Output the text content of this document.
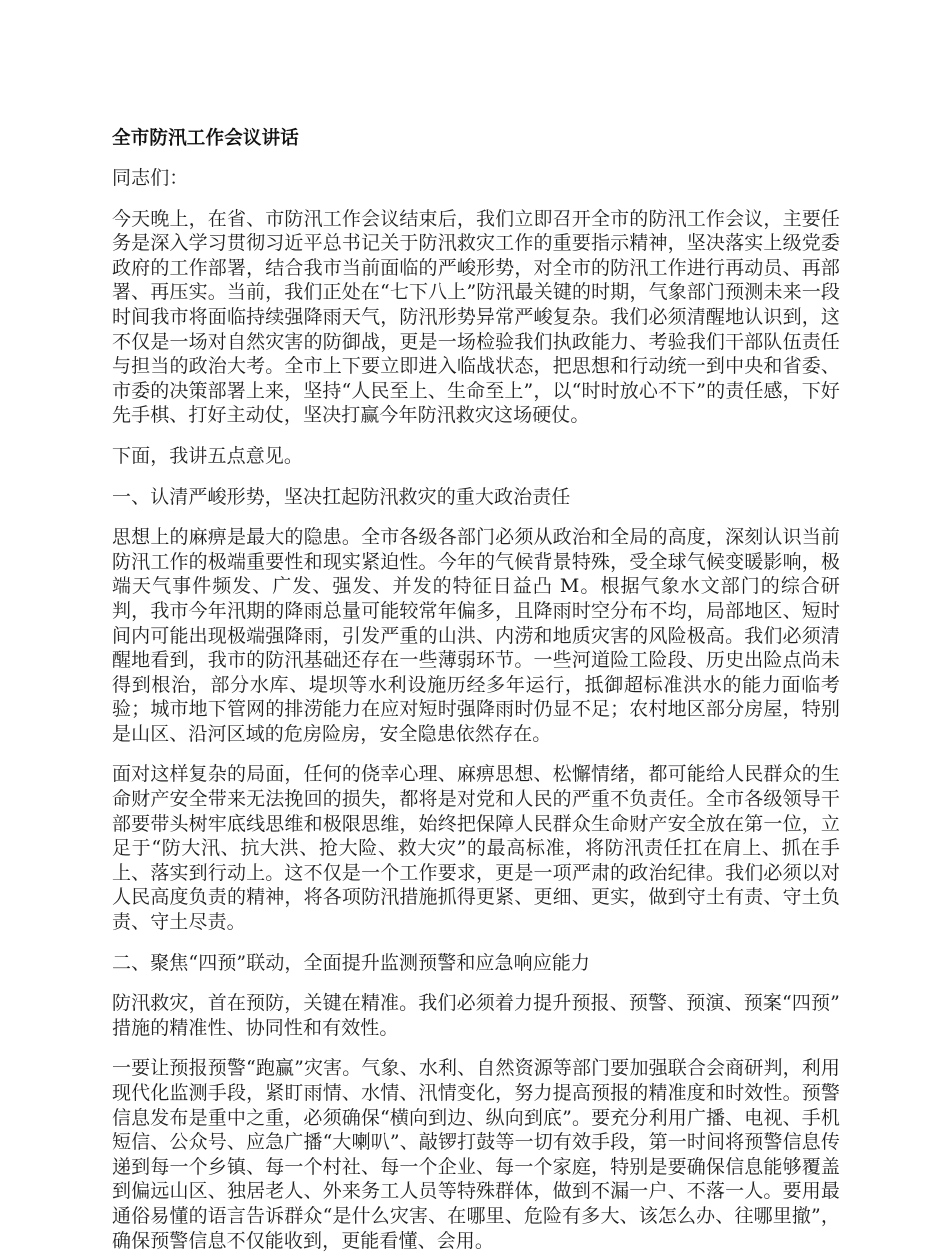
全市防汛工作会议讲话

同志们：

今天晚上，在省、市防汛工作会议结束后，我们立即召开全市的防汛工作会议，主要任务是深入学习贯彻习近平总书记关于防汛救灾工作的重要指示精神，坚决落实上级党委政府的工作部署，结合我市当前面临的严峻形势，对全市的防汛工作进行再动员、再部署、再压实。当前，我们正处在“七下八上”防汛最关键的时期，气象部门预测未来一段时间我市将面临持续强降雨天气，防汛形势异常严峻复杂。我们必须清醒地认识到，这不仅是一场对自然灾害的防御战，更是一场检验我们执政能力、考验我们干部队伍责任与担当的政治大考。全市上下要立即进入临战状态，把思想和行动统一到中央和省委、市委的决策部署上来，坚持“人民至上、生命至上”，以“时时放心不下”的责任感，下好先手棋、打好主动仗，坚决打赢今年防汛救灾这场硬仗。

下面，我讲五点意见。

一、认清严峻形势，坚决扛起防汛救灾的重大政治责任

思想上的麻痹是最大的隐患。全市各级各部门必须从政治和全局的高度，深刻认识当前防汛工作的极端重要性和现实紧迫性。今年的气候背景特殊，受全球气候变暖影响，极端天气事件频发、广发、强发、并发的特征日益凸 M。根据气象水文部门的综合研判，我市今年汛期的降雨总量可能较常年偏多，且降雨时空分布不均，局部地区、短时间内可能出现极端强降雨，引发严重的山洪、内涝和地质灾害的风险极高。我们必须清醒地看到，我市的防汛基础还存在一些薄弱环节。一些河道险工险段、历史出险点尚未得到根治，部分水库、堤坝等水利设施历经多年运行，抵御超标准洪水的能力面临考验；城市地下管网的排涝能力在应对短时强降雨时仍显不足；农村地区部分房屋，特别是山区、沿河区域的危房险房，安全隐患依然存在。

面对这样复杂的局面，任何的侥幸心理、麻痹思想、松懈情绪，都可能给人民群众的生命财产安全带来无法挽回的损失，都将是对党和人民的严重不负责任。全市各级领导干部要带头树牢底线思维和极限思维，始终把保障人民群众生命财产安全放在第一位，立足于“防大汛、抗大洪、抢大险、救大灾”的最高标准，将防汛责任扛在肩上、抓在手上、落实到行动上。这不仅是一个工作要求，更是一项严肃的政治纪律。我们必须以对人民高度负责的精神，将各项防汛措施抓得更紧、更细、更实，做到守土有责、守土负责、守土尽责。

二、聚焦“四预”联动，全面提升监测预警和应急响应能力

防汛救灾，首在预防，关键在精准。我们必须着力提升预报、预警、预演、预案“四预”措施的精准性、协同性和有效性。

一要让预报预警“跑赢”灾害。气象、水利、自然资源等部门要加强联合会商研判，利用现代化监测手段，紧盯雨情、水情、汛情变化，努力提高预报的精准度和时效性。预警信息发布是重中之重，必须确保“横向到边、纵向到底”。要充分利用广播、电视、手机短信、公众号、应急广播“大喇叭”、敲锣打鼓等一切有效手段，第一时间将预警信息传递到每一个乡镇、每一个村社、每一个企业、每一个家庭，特别是要确保信息能够覆盖到偏远山区、独居老人、外来务工人员等特殊群体，做到不漏一户、不落一人。要用最通俗易懂的语言告诉群众“是什么灾害、在哪里、危险有多大、该怎么办、往哪里撤”，确保预警信息不仅能收到，更能看懂、会用。
